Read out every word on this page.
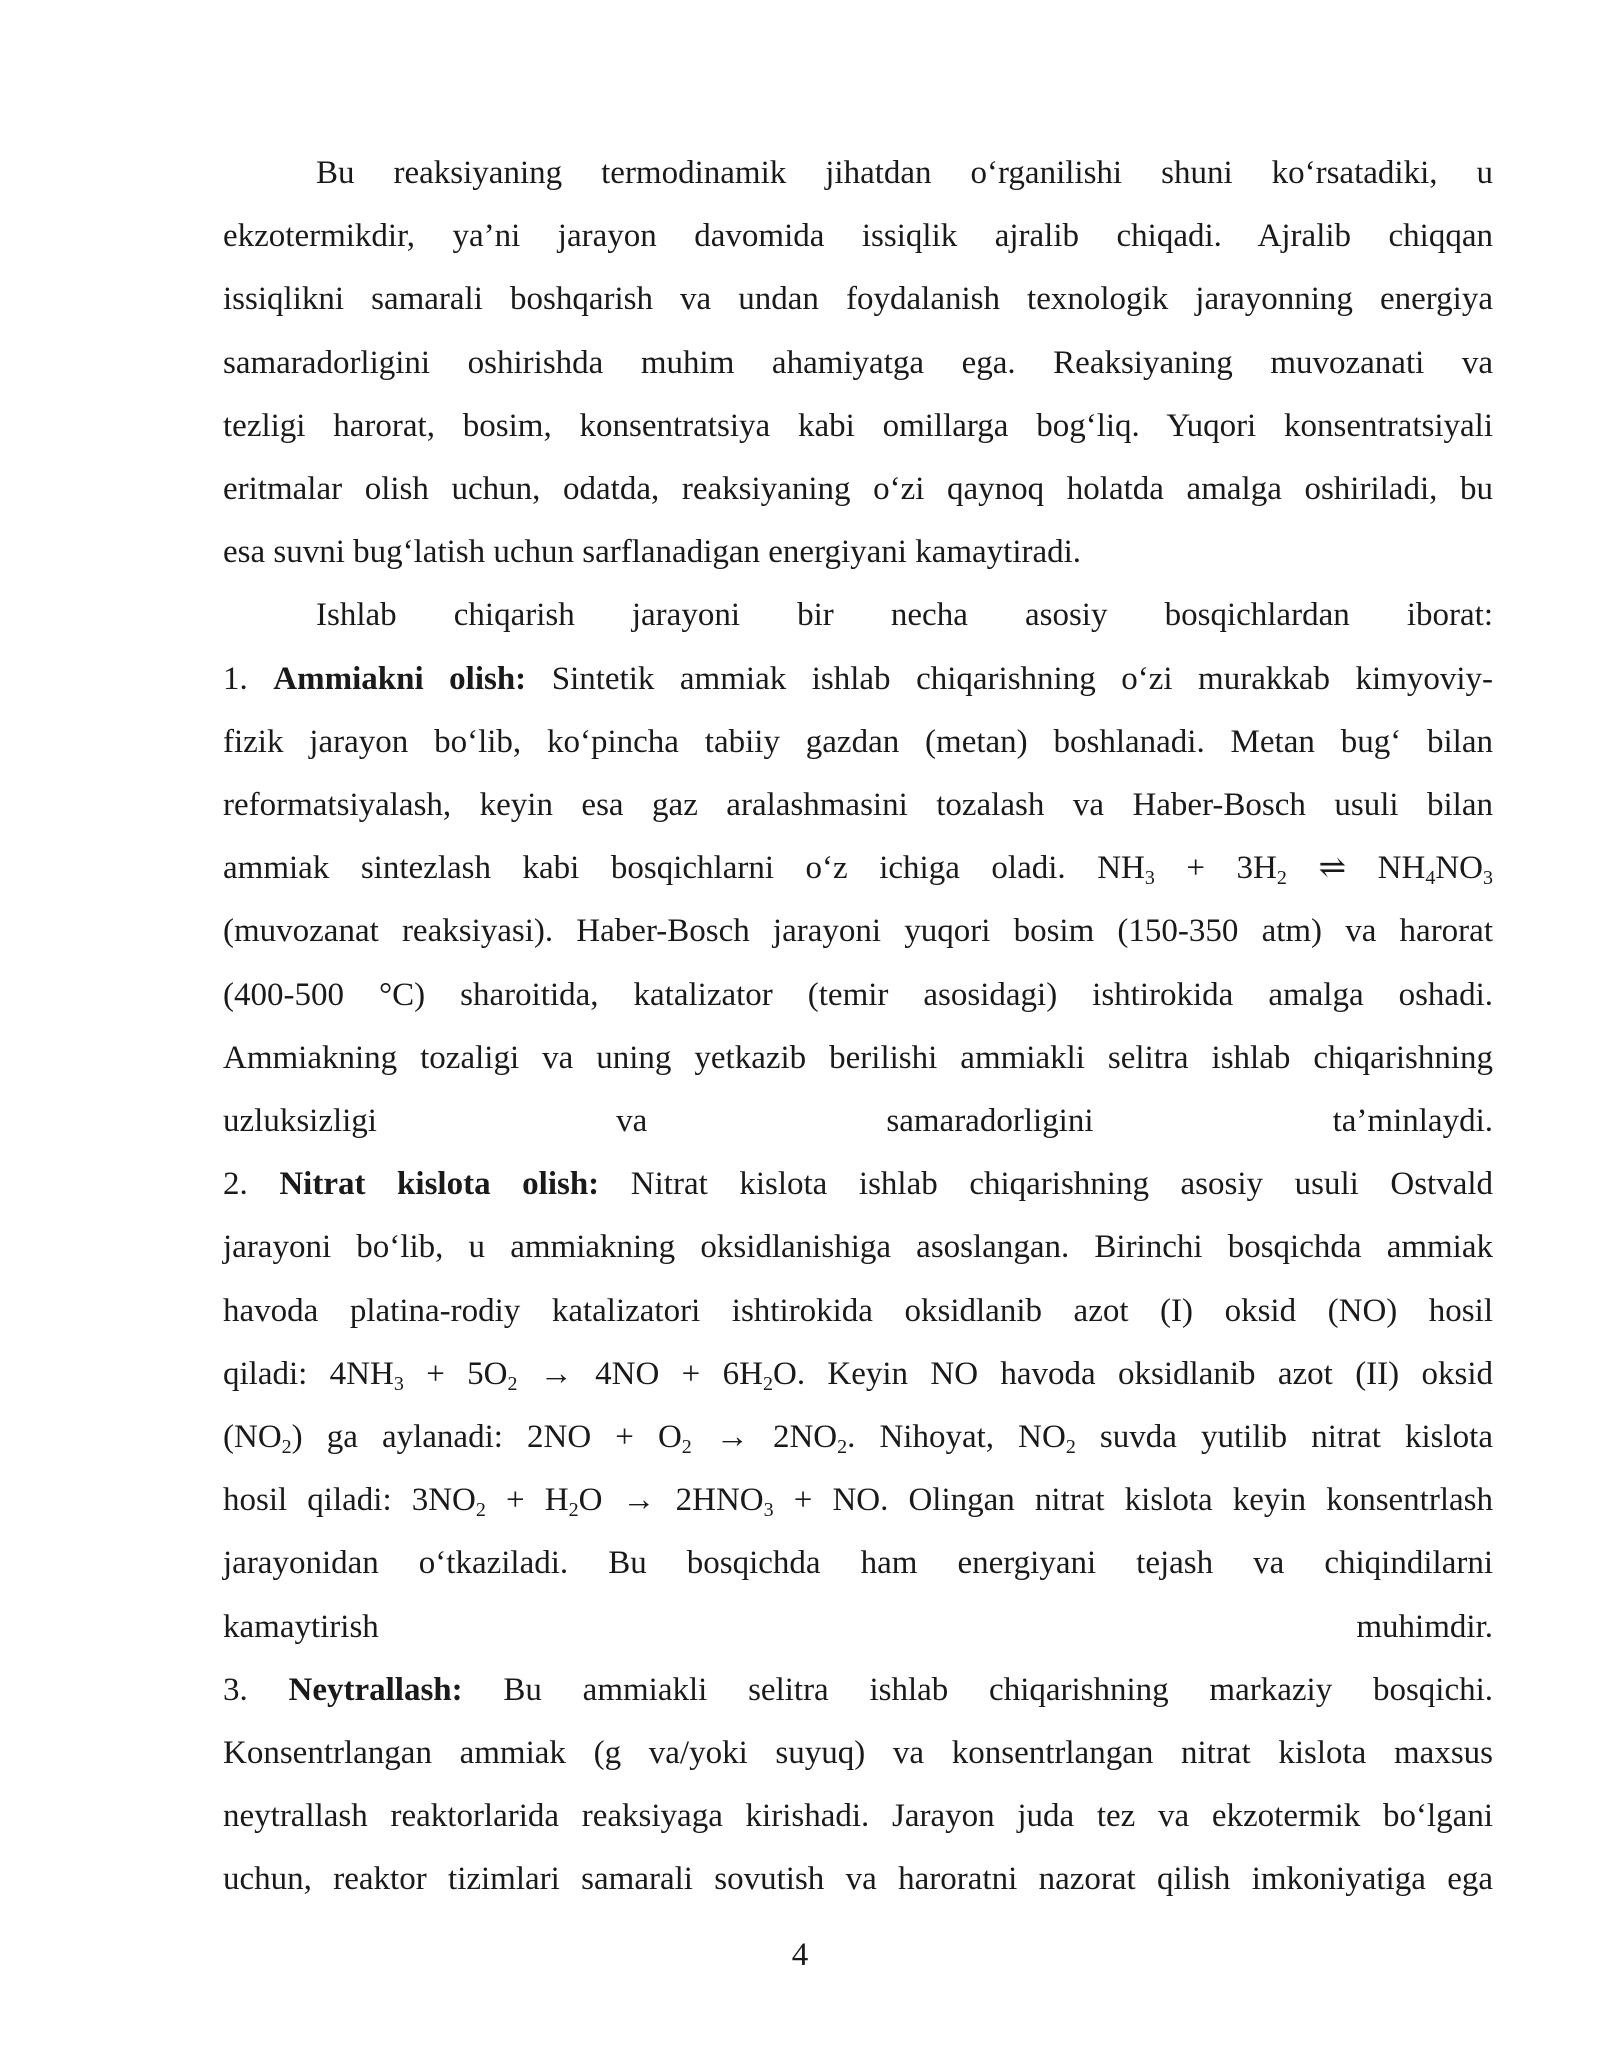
Bu reaksiyaning termodinamik jihatdan o‘rganilishi shuni ko‘rsatadiki, u

ekzotermikdir, ya’ni jarayon davomida issiqlik ajralib chiqadi. Ajralib chiqqan

issiqlikni samarali boshqarish va undan foydalanish texnologik jarayonning energiya

samaradorligini oshirishda muhim ahamiyatga ega. Reaksiyaning muvozanati va

tezligi harorat, bosim, konsentratsiya kabi omillarga bog‘liq. Yuqori konsentratsiyali

eritmalar olish uchun, odatda, reaksiyaning o‘zi qaynoq holatda amalga oshiriladi, bu

esa suvni bug‘latish uchun sarflanadigan energiyani kamaytiradi.

Ishlab chiqarish jarayoni bir necha asosiy bosqichlardan iborat:

1. Ammiakni olish: Sintetik ammiak ishlab chiqarishning o‘zi murakkab kimyoviy-

fizik jarayon bo‘lib, ko‘pincha tabiiy gazdan (metan) boshlanadi. Metan bug‘ bilan

reformatsiyalash, keyin esa gaz aralashmasini tozalash va Haber-Bosch usuli bilan

ammiak sintezlash kabi bosqichlarni o‘z ichiga oladi. $NH_3 + 3H_2$ ⇌ $NH_4NO_3$

(muvozanat reaksiyasi). Haber-Bosch jarayoni yuqori bosim (150-350 atm) va harorat

(400-500 °C) sharoitida, katalizator (temir asosidagi) ishtirokida amalga oshadi.

Ammiakning tozaligi va uning yetkazib berilishi ammiakli selitra ishlab chiqarishning

uzluksizligi va samaradorligini ta’minlaydi.

2. Nitrat kislota olish: Nitrat kislota ishlab chiqarishning asosiy usuli Ostvald

jarayoni bo‘lib, u ammiakning oksidlanishiga asoslangan. Birinchi bosqichda ammiak

havoda platina-rodiy katalizatori ishtirokida oksidlanib azot (I) oksid (NO) hosil

qiladi: $4NH_3 + 5O_2 \to 4NO + 6H_2O$. Keyin NO havoda oksidlanib azot (II) oksid

$(NO_2)$ ga aylanadi: $2NO + O_2 \to 2NO_2$. Nihoyat, $NO_2$ suvda yutilib nitrat kislota

hosil qiladi: $3NO_2 + H_2O \to 2HNO_3$ + NO. Olingan nitrat kislota keyin konsentrlash

jarayonidan o‘tkaziladi. Bu bosqichda ham energiyani tejash va chiqindilarni

kamaytirish muhimdir.

3. Neytrallash: Bu ammiakli selitra ishlab chiqarishning markaziy bosqichi.

Konsentrlangan ammiak (g va/yoki suyuq) va konsentrlangan nitrat kislota maxsus

neytrallash reaktorlarida reaksiyaga kirishadi. Jarayon juda tez va ekzotermik bo‘lgani

uchun, reaktor tizimlari samarali sovutish va haroratni nazorat qilish imkoniyatiga ega

4
